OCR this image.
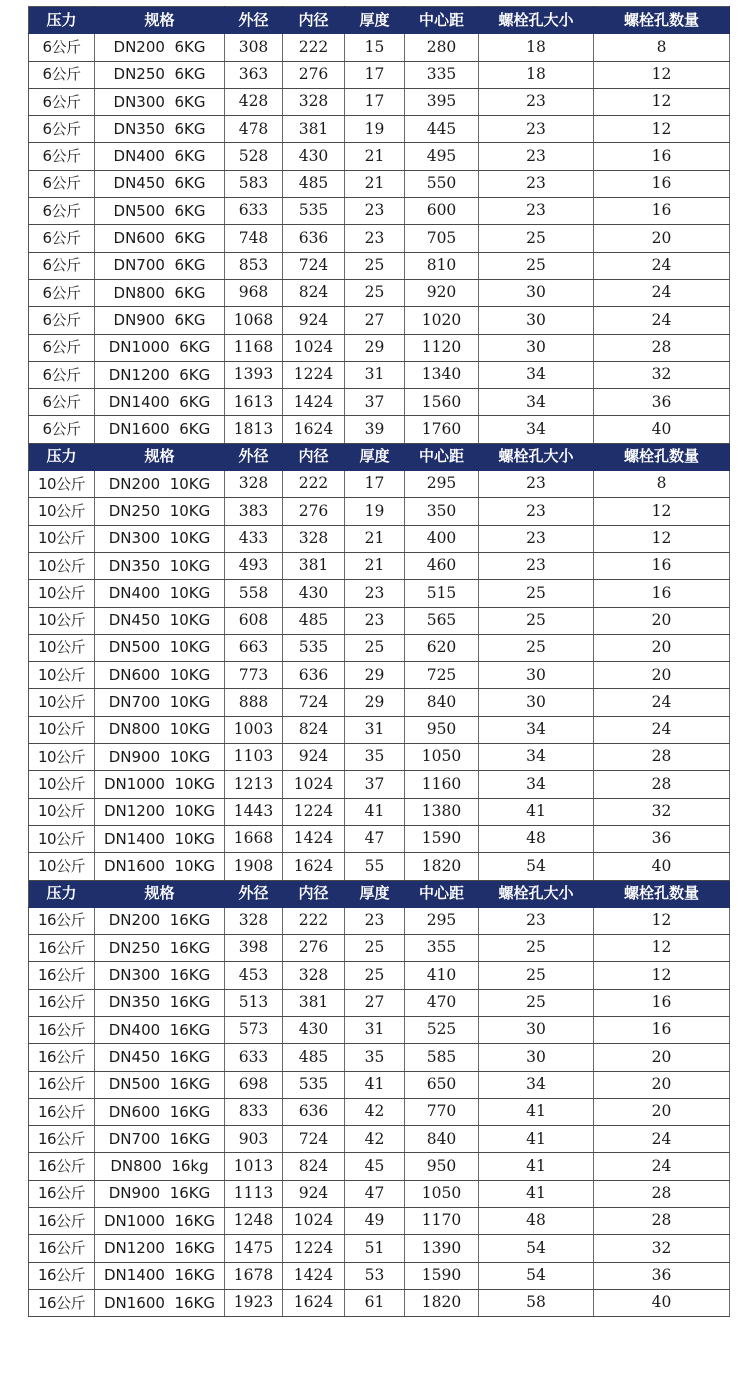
压力	规格	外径	内径	厚度	中心距	螺栓孔大小	螺栓孔数量
6公斤	DN200  6KG	308	222	15	280	18	8
6公斤	DN250  6KG	363	276	17	335	18	12
6公斤	DN300  6KG	428	328	17	395	23	12
6公斤	DN350  6KG	478	381	19	445	23	12
6公斤	DN400  6KG	528	430	21	495	23	16
6公斤	DN450  6KG	583	485	21	550	23	16
6公斤	DN500  6KG	633	535	23	600	23	16
6公斤	DN600  6KG	748	636	23	705	25	20
6公斤	DN700  6KG	853	724	25	810	25	24
6公斤	DN800  6KG	968	824	25	920	30	24
6公斤	DN900  6KG	1068	924	27	1020	30	24
6公斤	DN1000  6KG	1168	1024	29	1120	30	28
6公斤	DN1200  6KG	1393	1224	31	1340	34	32
6公斤	DN1400  6KG	1613	1424	37	1560	34	36
6公斤	DN1600  6KG	1813	1624	39	1760	34	40
压力	规格	外径	内径	厚度	中心距	螺栓孔大小	螺栓孔数量
10公斤	DN200  10KG	328	222	17	295	23	8
10公斤	DN250  10KG	383	276	19	350	23	12
10公斤	DN300  10KG	433	328	21	400	23	12
10公斤	DN350  10KG	493	381	21	460	23	16
10公斤	DN400  10KG	558	430	23	515	25	16
10公斤	DN450  10KG	608	485	23	565	25	20
10公斤	DN500  10KG	663	535	25	620	25	20
10公斤	DN600  10KG	773	636	29	725	30	20
10公斤	DN700  10KG	888	724	29	840	30	24
10公斤	DN800  10KG	1003	824	31	950	34	24
10公斤	DN900  10KG	1103	924	35	1050	34	28
10公斤	DN1000  10KG	1213	1024	37	1160	34	28
10公斤	DN1200  10KG	1443	1224	41	1380	41	32
10公斤	DN1400  10KG	1668	1424	47	1590	48	36
10公斤	DN1600  10KG	1908	1624	55	1820	54	40
压力	规格	外径	内径	厚度	中心距	螺栓孔大小	螺栓孔数量
16公斤	DN200  16KG	328	222	23	295	23	12
16公斤	DN250  16KG	398	276	25	355	25	12
16公斤	DN300  16KG	453	328	25	410	25	12
16公斤	DN350  16KG	513	381	27	470	25	16
16公斤	DN400  16KG	573	430	31	525	30	16
16公斤	DN450  16KG	633	485	35	585	30	20
16公斤	DN500  16KG	698	535	41	650	34	20
16公斤	DN600  16KG	833	636	42	770	41	20
16公斤	DN700  16KG	903	724	42	840	41	24
16公斤	DN800  16kg	1013	824	45	950	41	24
16公斤	DN900  16KG	1113	924	47	1050	41	28
16公斤	DN1000  16KG	1248	1024	49	1170	48	28
16公斤	DN1200  16KG	1475	1224	51	1390	54	32
16公斤	DN1400  16KG	1678	1424	53	1590	54	36
16公斤	DN1600  16KG	1923	1624	61	1820	58	40
